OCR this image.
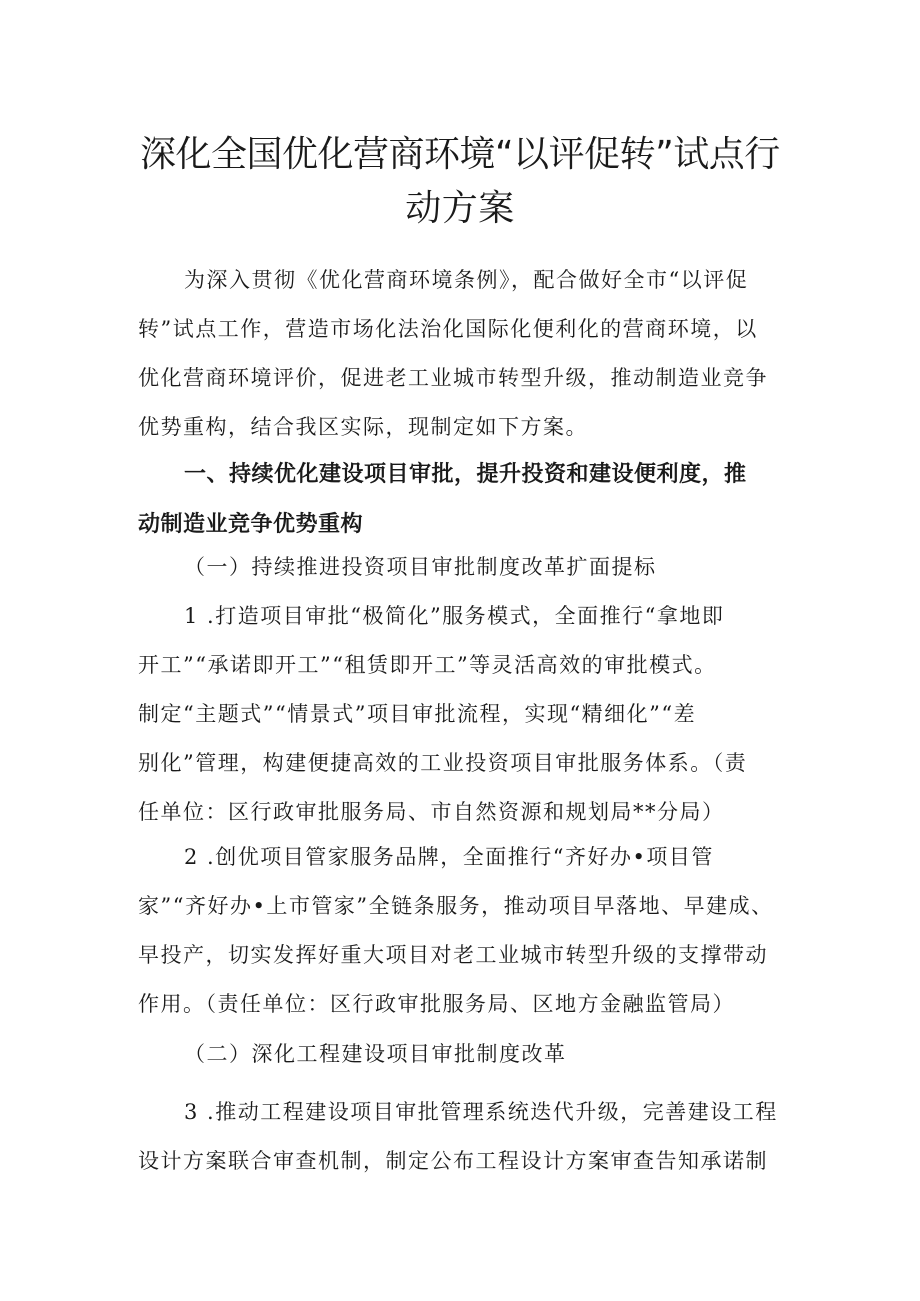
深化全国优化营商环境“以评促转”试点行
动方案
为深入贯彻《优化营商环境条例》，配合做好全市“以评促
转”试点工作，营造市场化法治化国际化便利化的营商环境，以
优化营商环境评价，促进老工业城市转型升级，推动制造业竞争
优势重构，结合我区实际，现制定如下方案。
一、持续优化建设项目审批，提升投资和建设便利度，推
动制造业竞争优势重构
（一）持续推进投资项目审批制度改革扩面提标
1 .打造项目审批“极简化”服务模式，全面推行“拿地即
开工”“承诺即开工”“租赁即开工”等灵活高效的审批模式。
制定“主题式”“情景式”项目审批流程，实现“精细化”“差
别化”管理，构建便捷高效的工业投资项目审批服务体系。（责
任单位：区行政审批服务局、市自然资源和规划局**分局）
2 .创优项目管家服务品牌，全面推行“齐好办•项目管
家”“齐好办•上市管家”全链条服务，推动项目早落地、早建成、
早投产，切实发挥好重大项目对老工业城市转型升级的支撑带动
作用。（责任单位：区行政审批服务局、区地方金融监管局）
（二）深化工程建设项目审批制度改革
3 .推动工程建设项目审批管理系统迭代升级，完善建设工程
设计方案联合审查机制，制定公布工程设计方案审查告知承诺制
